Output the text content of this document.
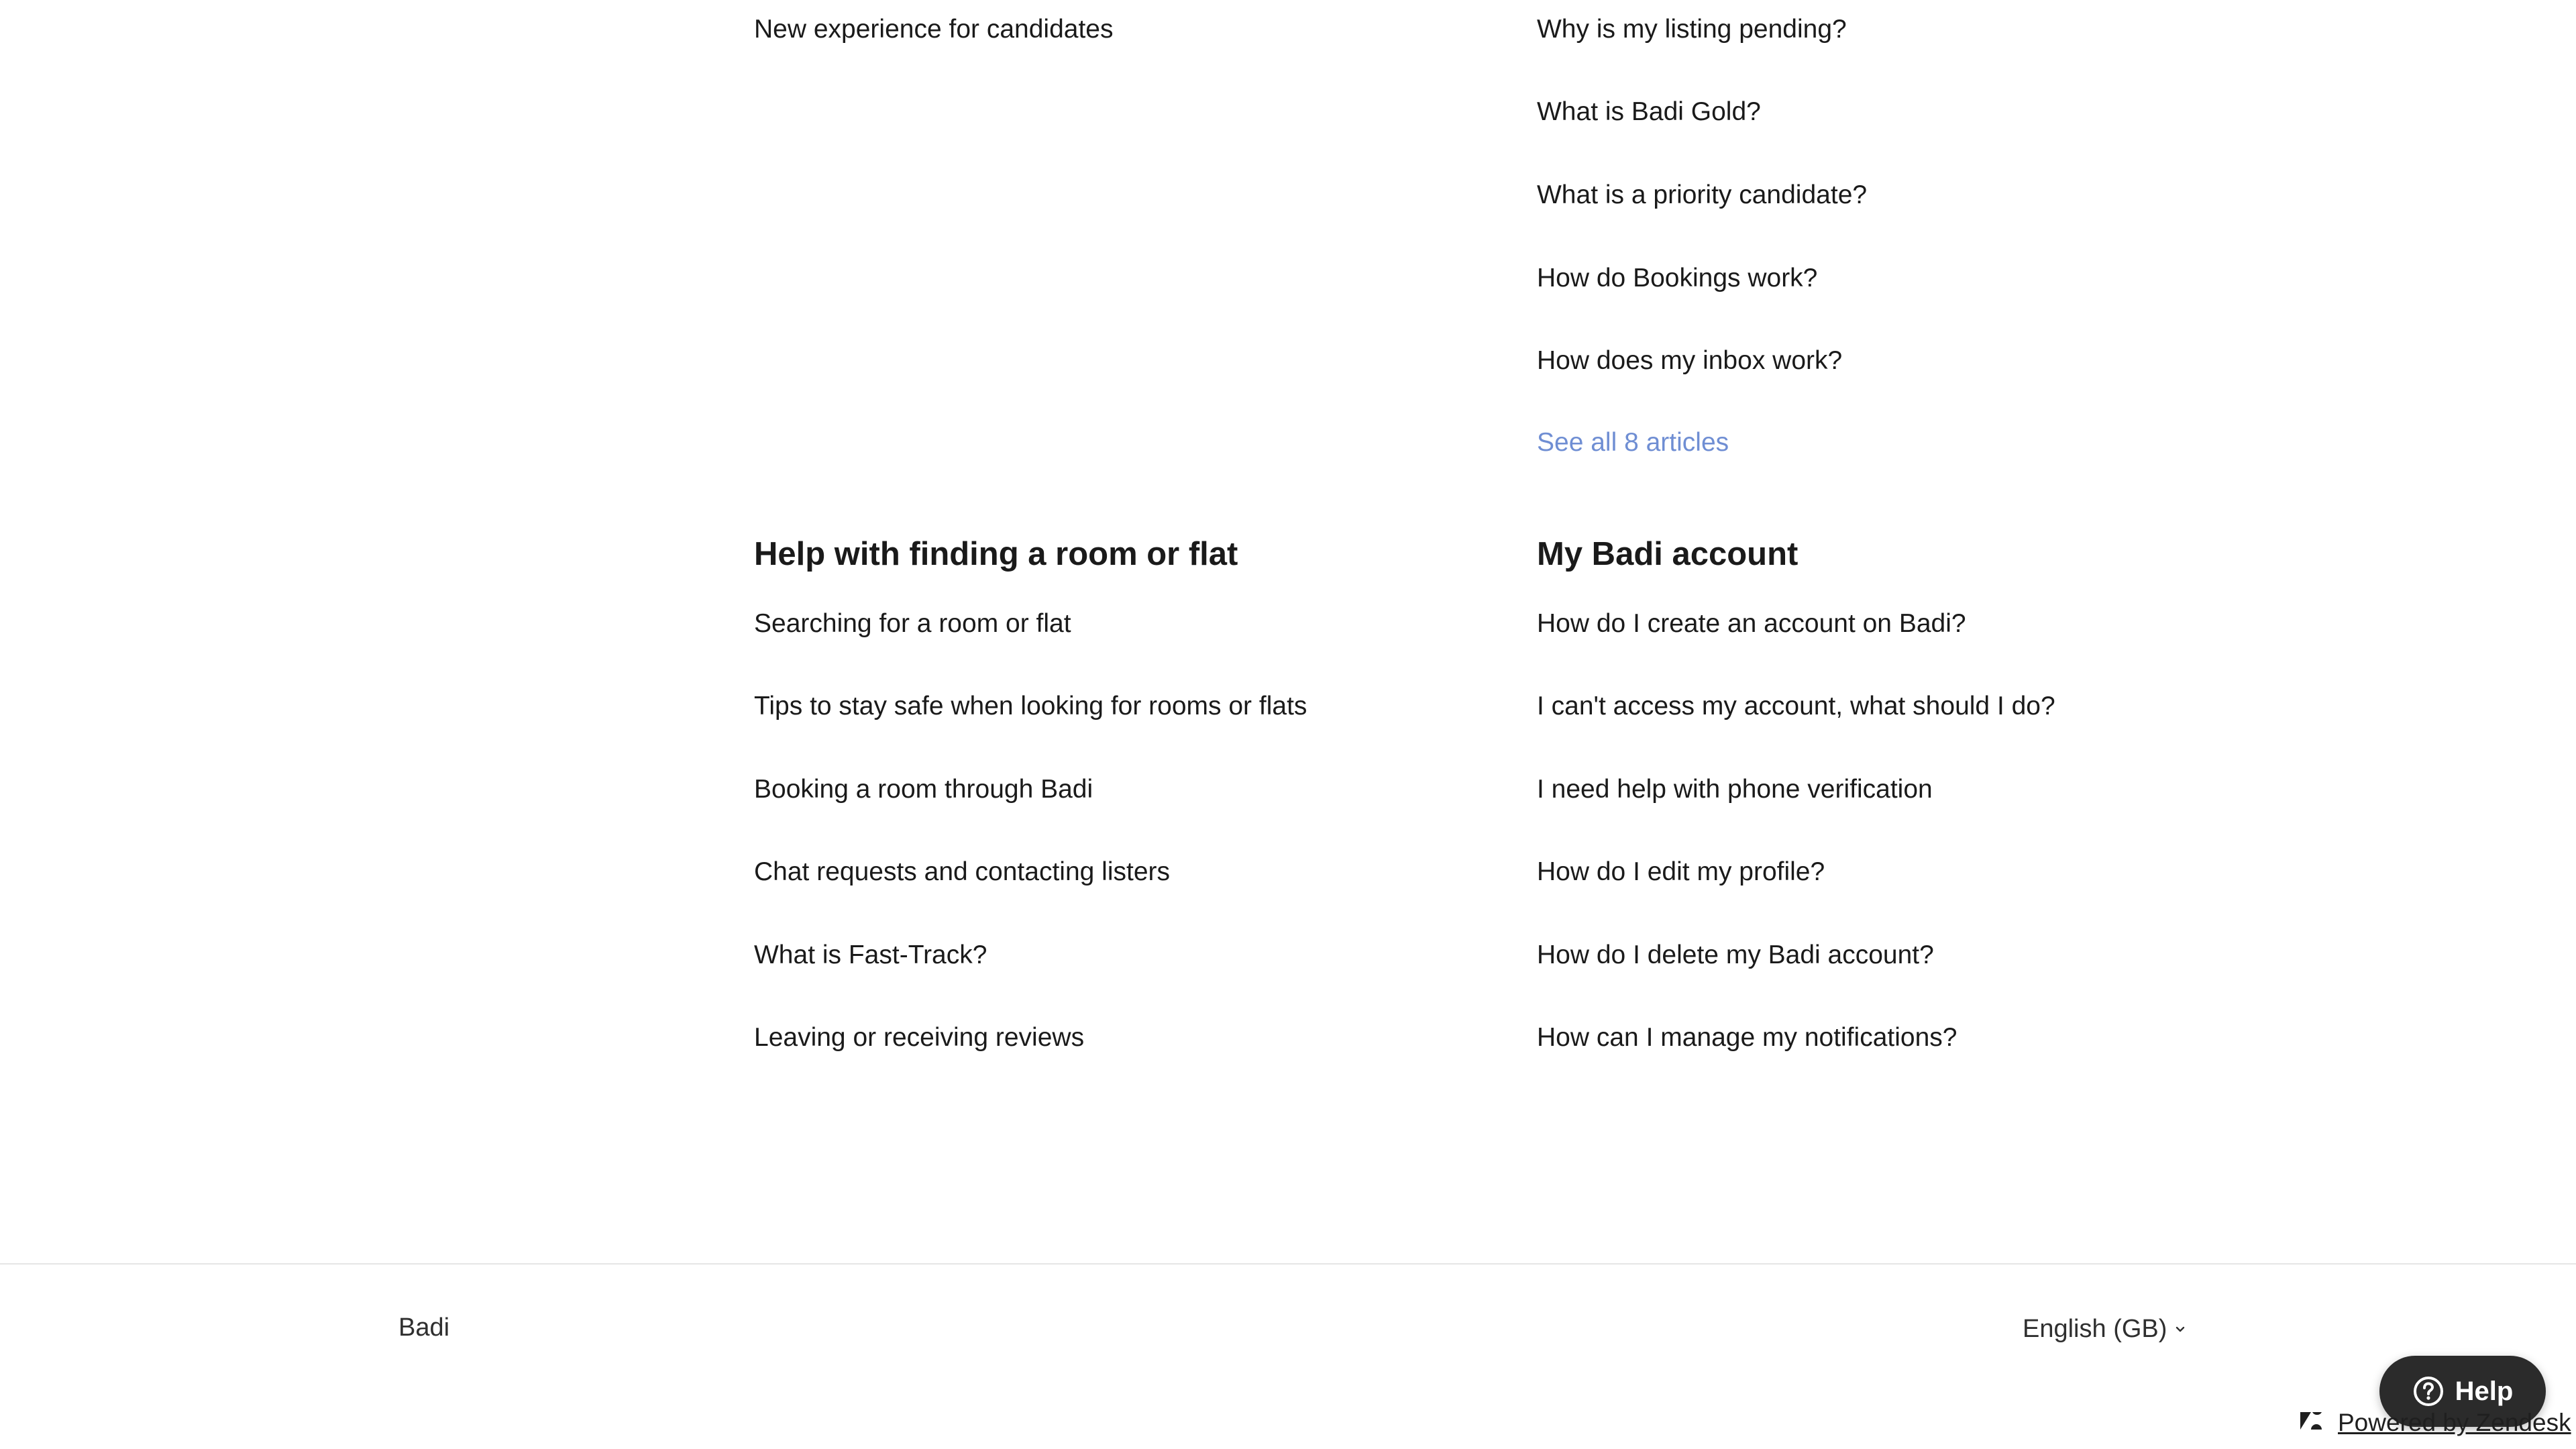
New experience for candidates	Why is my listing pending?
What is Badi Gold?
What is a priority candidate?
How do Bookings work?
How does my inbox work?
See all 8 articles
Help with finding a room or flat
Searching for a room or flat
Tips to stay safe when looking for rooms or flats
Booking a room through Badi
Chat requests and contacting listers
What is Fast-Track?
Leaving or receiving reviews
My Badi account
How do I create an account on Badi?
I can't access my account, what should I do?
I need help with phone verification
How do I edit my profile?
How do I delete my Badi account?
How can I manage my notifications?
Badi	English (GB)
Help
Powered by Zendesk
